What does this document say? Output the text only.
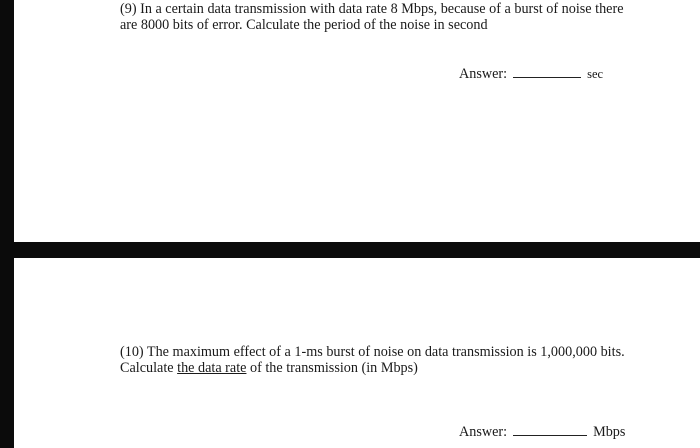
(9) In a certain data transmission with data rate 8 Mbps, because of a burst of noise there
are 8000 bits of error. Calculate the period of the noise in second
Answer:	sec
(10) The maximum effect of a 1-ms burst of noise on data transmission is 1,000,000 bits.
Calculate the data rate of the transmission (in Mbps)
Answer:	Mbps
